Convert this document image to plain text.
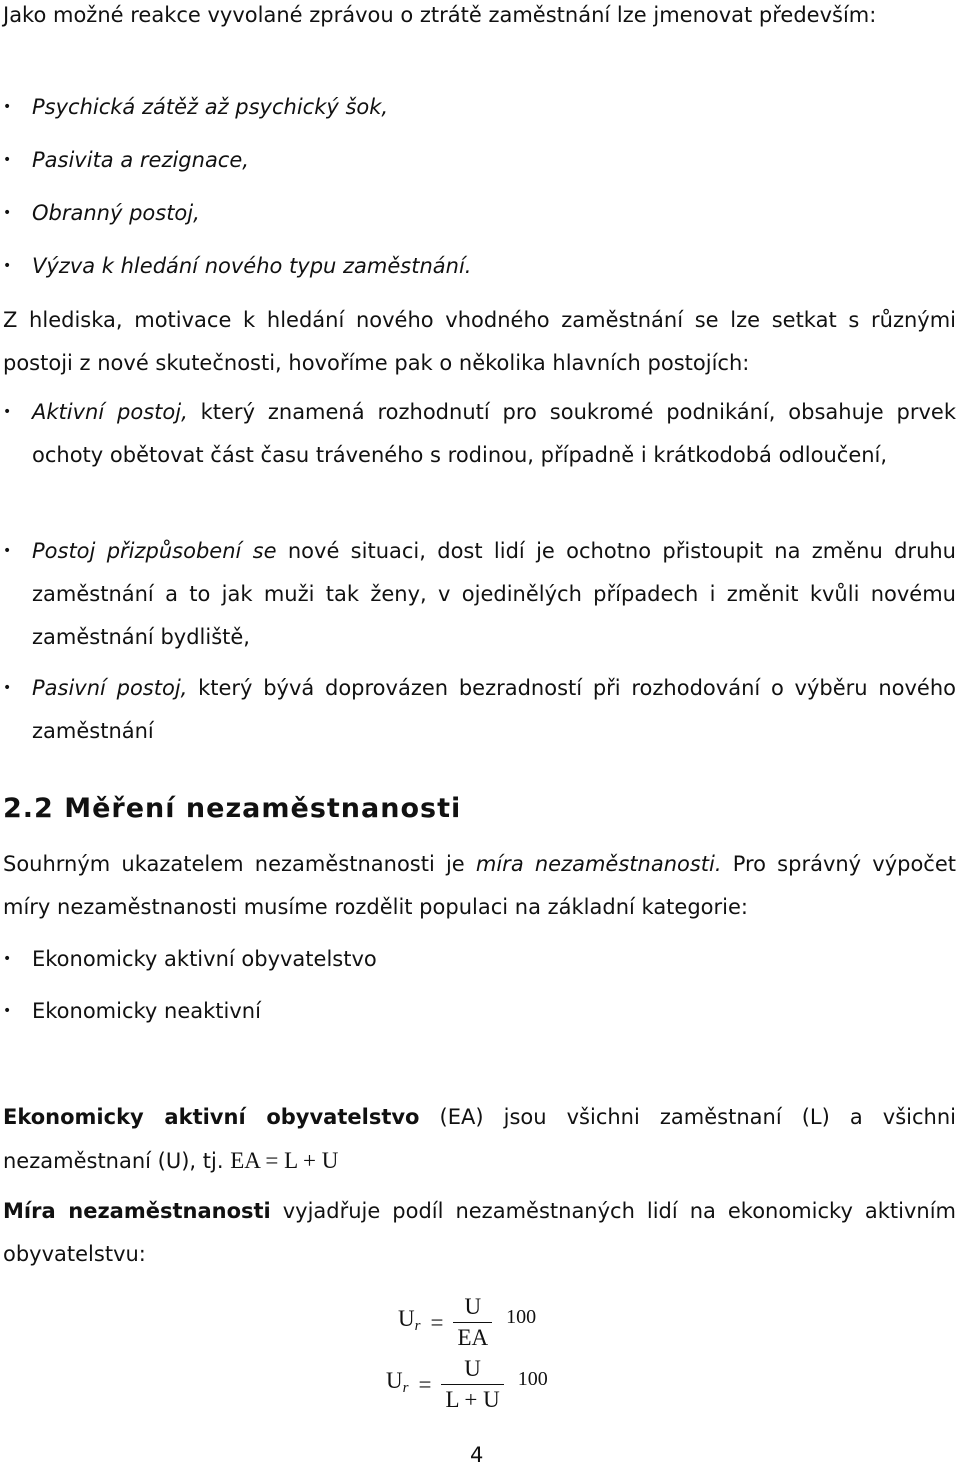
Jako možné reakce vyvolané zprávou o ztrátě zaměstnání lze jmenovat především:

• Psychická zátěž až psychický šok,
• Pasivita a rezignace,
• Obranný postoj,
• Výzva k hledání nového typu zaměstnání.

Z hlediska, motivace k hledání nového vhodného zaměstnání se lze setkat s různými postoji z nové skutečnosti, hovoříme pak o několika hlavních postojích:

• Aktivní postoj, který znamená rozhodnutí pro soukromé podnikání, obsahuje prvek ochoty obětovat část času tráveného s rodinou, případně i krátkodobá odloučení,
• Postoj přizpůsobení se nové situaci, dost lidí je ochotno přistoupit na změnu druhu zaměstnání a to jak muži tak ženy, v ojedinělých případech i změnit kvůli novému zaměstnání bydliště,
• Pasivní postoj, který bývá doprovázen bezradností při rozhodování o výběru nového zaměstnání
2.2 Měření nezaměstnanosti

Souhrným ukazatelem nezaměstnanosti je míra nezaměstnanosti. Pro správný výpočet míry nezaměstnanosti musíme rozdělit populaci na základní kategorie:

• Ekonomicky aktivní obyvatelstvo
• Ekonomicky neaktivní

Ekonomicky aktivní obyvatelstvo (EA) jsou všichni zaměstnaní (L) a všichni nezaměstnaní (U), tj. EA = L + U

Míra nezaměstnanosti vyjadřuje podíl nezaměstnaných lidí na ekonomicky aktivním obyvatelstvu:

$U_r = \frac{U}{EA} 100$
$U_r = \frac{U}{L + U} 100$
4
